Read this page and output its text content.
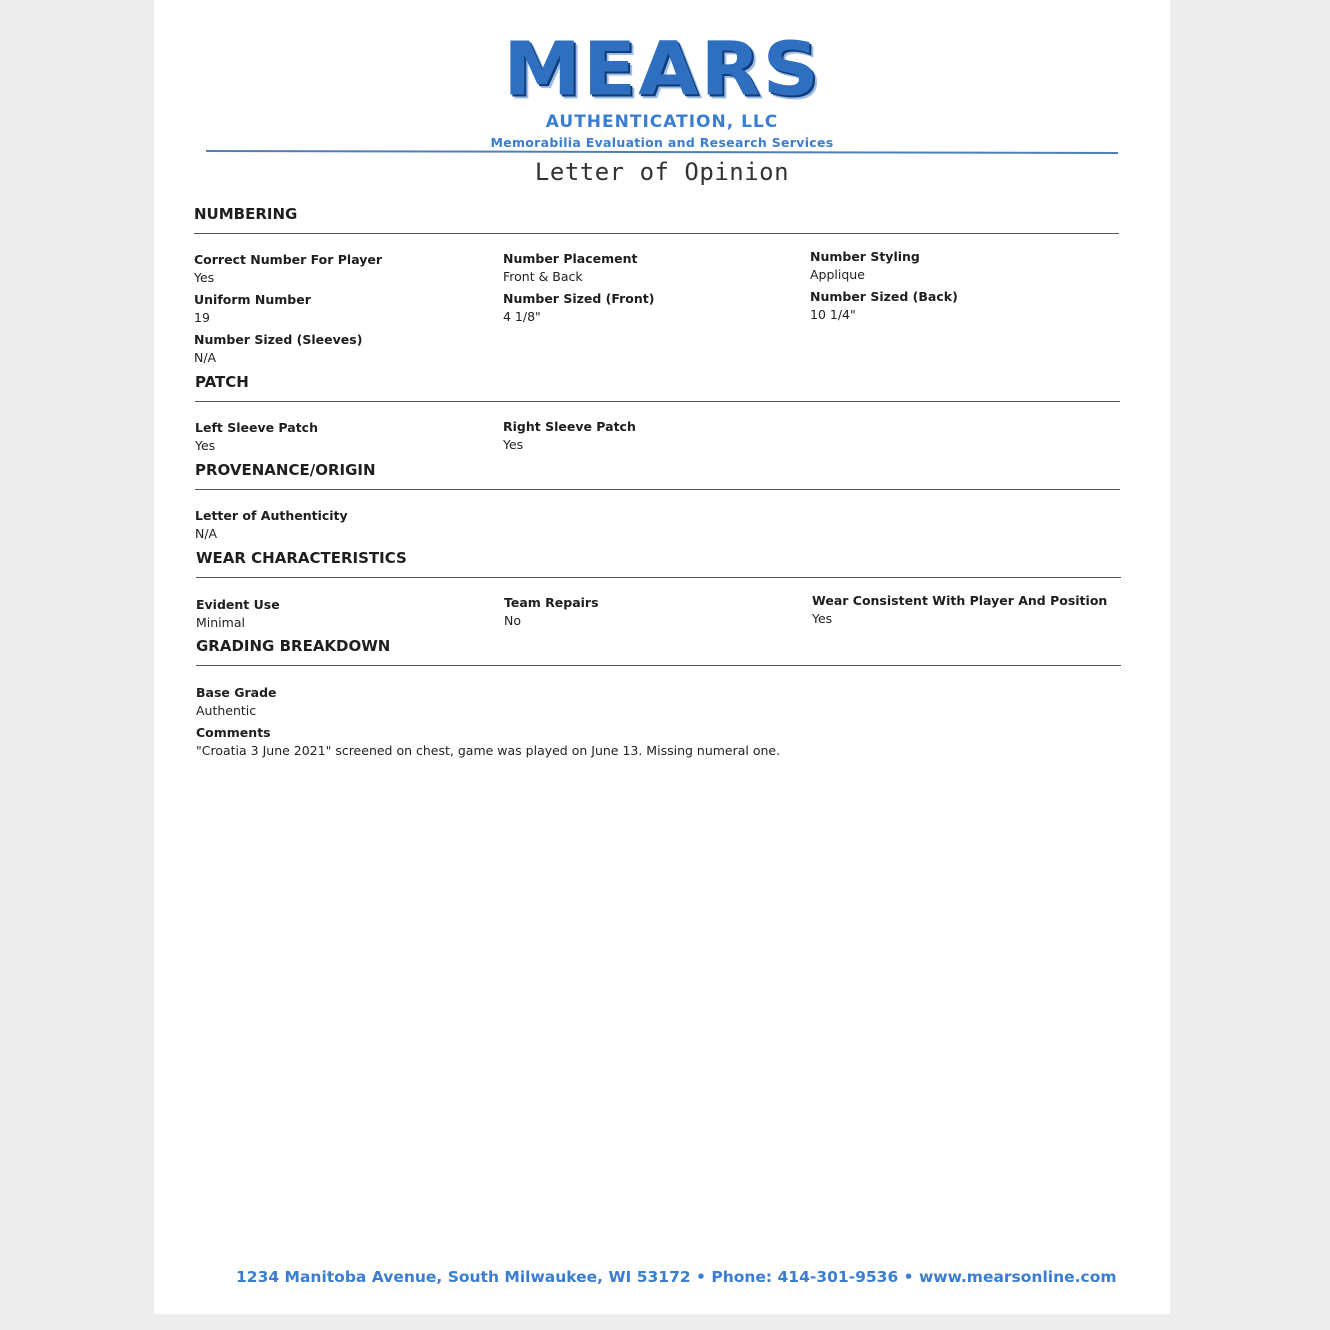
MEARS
AUTHENTICATION, LLC
Memorabilia Evaluation and Research Services
Letter of Opinion
NUMBERING
Correct Number For Player
Yes
Number Placement
Front & Back
Number Styling
Applique
Uniform Number
19
Number Sized (Front)
4 1/8"
Number Sized (Back)
10 1/4"
Number Sized (Sleeves)
N/A
PATCH
Left Sleeve Patch
Yes
Right Sleeve Patch
Yes
PROVENANCE/ORIGIN
Letter of Authenticity
N/A
WEAR CHARACTERISTICS
Evident Use
Minimal
Team Repairs
No
Wear Consistent With Player And Position
Yes
GRADING BREAKDOWN
Base Grade
Authentic
Comments
"Croatia 3 June 2021" screened on chest, game was played on June 13. Missing numeral one.
1234 Manitoba Avenue, South Milwaukee, WI 53172 • Phone: 414-301-9536 • www.mearsonline.com
